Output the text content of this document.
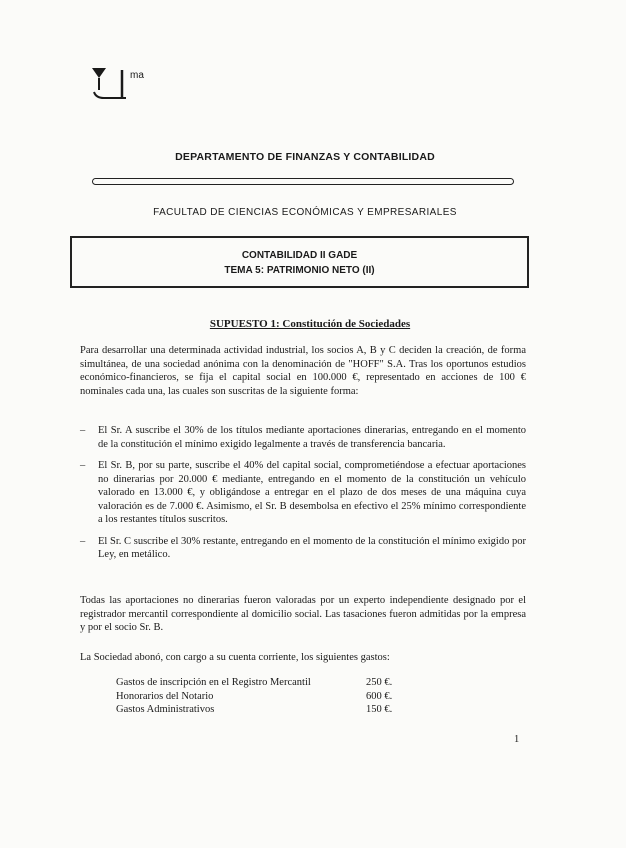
ma
DEPARTAMENTO DE FINANZAS Y CONTABILIDAD
FACULTAD DE CIENCIAS ECONÓMICAS Y EMPRESARIALES
CONTABILIDAD II GADE
TEMA 5: PATRIMONIO NETO (II)
SUPUESTO 1: Constitución de Sociedades
Para desarrollar una determinada actividad industrial, los socios A, B y C deciden la creación, de forma simultánea, de una sociedad anónima con la denominación de "HOFF" S.A. Tras los oportunos estudios económico-financieros, se fija el capital social en 100.000 €, representado en acciones de 100 € nominales cada una, las cuales son suscritas de la siguiente forma:
– El Sr. A suscribe el 30% de los títulos mediante aportaciones dinerarias, entregando en el momento de la constitución el mínimo exigido legalmente a través de transferencia bancaria.
– El Sr. B, por su parte, suscribe el 40% del capital social, comprometiéndose a efectuar aportaciones no dinerarias por 20.000 € mediante, entregando en el momento de la constitución un vehículo valorado en 13.000 €, y obligándose a entregar en el plazo de dos meses de una máquina cuya valoración es de 7.000 €. Asimismo, el Sr. B desembolsa en efectivo el 25% mínimo correspondiente a los restantes títulos suscritos.
– El Sr. C suscribe el 30% restante, entregando en el momento de la constitución el mínimo exigido por Ley, en metálico.
Todas las aportaciones no dinerarias fueron valoradas por un experto independiente designado por el registrador mercantil correspondiente al domicilio social. Las tasaciones fueron admitidas por la empresa y por el socio Sr. B.
La Sociedad abonó, con cargo a su cuenta corriente, los siguientes gastos:
Gastos de inscripción en el Registro Mercantil	250 €.
Honorarios del Notario	600 €.
Gastos Administrativos	150 €.
1
